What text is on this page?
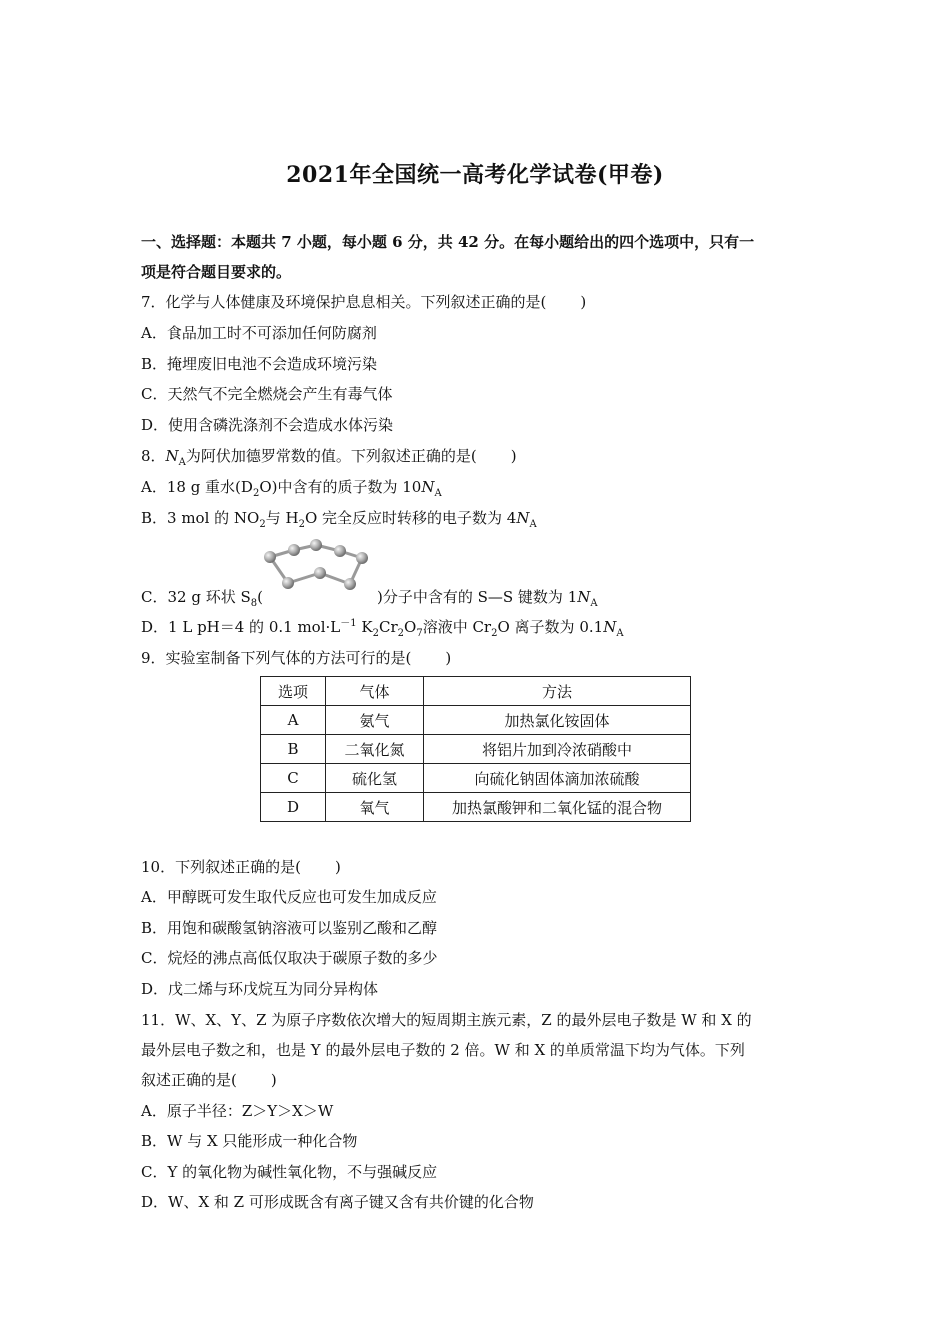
2021年全国统一高考化学试卷(甲卷)
一、选择题：本题共 7 小题，每小题 6 分，共 42 分。在每小题给出的四个选项中，只有一
项是符合题目要求的。
7．化学与人体健康及环境保护息息相关。下列叙述正确的是( )
A．食品加工时不可添加任何防腐剂
B．掩埋废旧电池不会造成环境污染
C．天然气不完全燃烧会产生有毒气体
D．使用含磷洗涤剂不会造成水体污染
8．$N_A$为阿伏加德罗常数的值。下列叙述正确的是( )
A．18 g 重水$(D_2O)$中含有的质子数为 $10N_A$
B．3 mol 的 $NO_2$与 $H_2O$ 完全反应时转移的电子数为 $4N_A$
C．32 g 环状 $S_8$(	)分子中含有的 S—S 键数为 $1N_A$
D．1 L pH＝4 的 0.1 $mol\cdot L^{-1}$ $K_2Cr_2O_7$溶液中 $Cr_2O$ 离子数为 $0.1N_A$
9．实验室制备下列气体的方法可行的是( )
选项	气体	方法
A	氨气	加热氯化铵固体
B	二氧化氮	将铝片加到冷浓硝酸中
C	硫化氢	向硫化钠固体滴加浓硫酸
D	氧气	加热氯酸钾和二氧化锰的混合物
10．下列叙述正确的是( )
A．甲醇既可发生取代反应也可发生加成反应
B．用饱和碳酸氢钠溶液可以鉴别乙酸和乙醇
C．烷烃的沸点高低仅取决于碳原子数的多少
D．戊二烯与环戊烷互为同分异构体
11．W、X、Y、Z 为原子序数依次增大的短周期主族元素，Z 的最外层电子数是 W 和 X 的
最外层电子数之和，也是 Y 的最外层电子数的 2 倍。W 和 X 的单质常温下均为气体。下列
叙述正确的是( )
A．原子半径：Z＞Y＞X＞W
B．W 与 X 只能形成一种化合物
C．Y 的氧化物为碱性氧化物，不与强碱反应
D．W、X 和 Z 可形成既含有离子键又含有共价键的化合物
